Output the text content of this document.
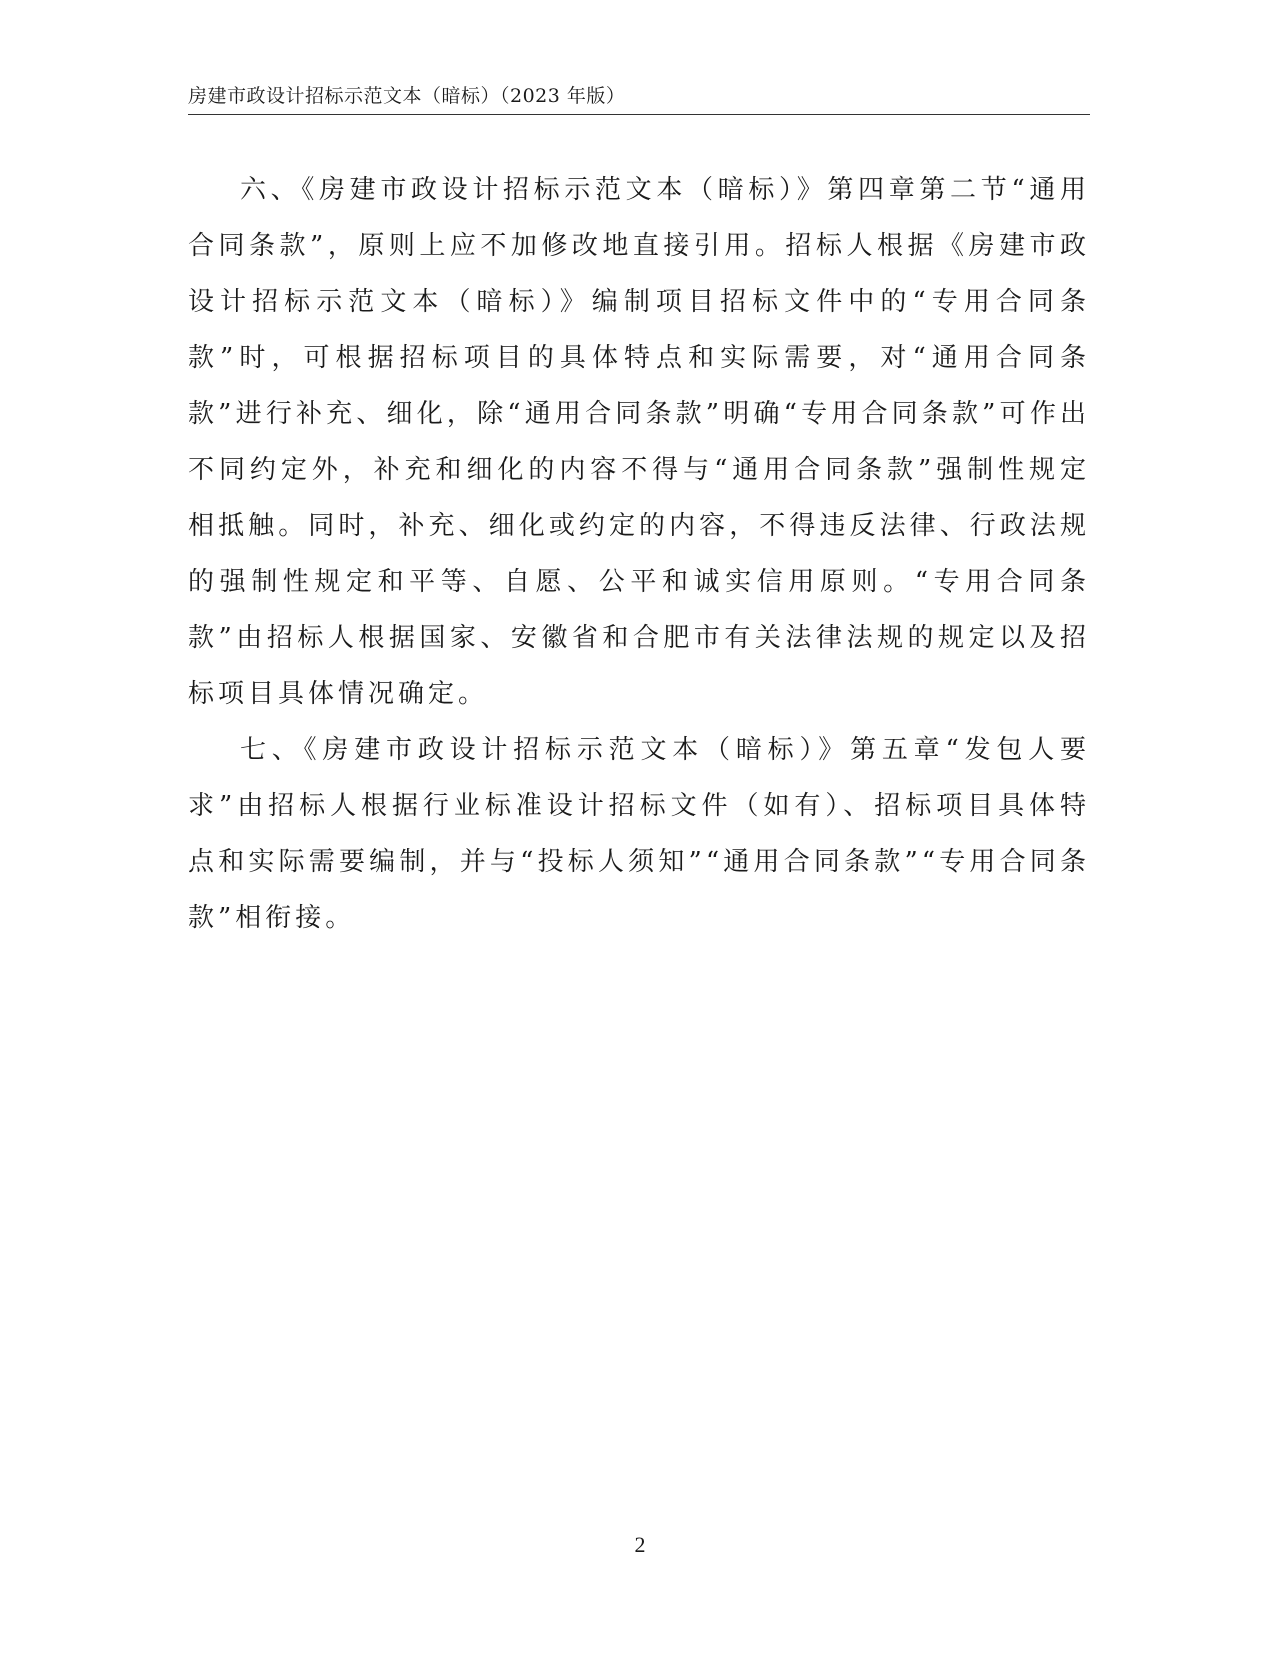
房建市政设计招标示范文本（暗标）（2023 年版）

六、《房建市政设计招标示范文本（暗标）》第四章第二节“通用合同条款”，原则上应不加修改地直接引用。招标人根据《房建市政设计招标示范文本（暗标）》编制项目招标文件中的“专用合同条款”时，可根据招标项目的具体特点和实际需要，对“通用合同条款”进行补充、细化，除“通用合同条款”明确“专用合同条款”可作出不同约定外，补充和细化的内容不得与“通用合同条款”强制性规定相抵触。同时，补充、细化或约定的内容，不得违反法律、行政法规的强制性规定和平等、自愿、公平和诚实信用原则。“专用合同条款”由招标人根据国家、安徽省和合肥市有关法律法规的规定以及招标项目具体情况确定。

七、《房建市政设计招标示范文本（暗标）》第五章“发包人要求”由招标人根据行业标准设计招标文件（如有）、招标项目具体特点和实际需要编制，并与“投标人须知”“通用合同条款”“专用合同条款”相衔接。

2
